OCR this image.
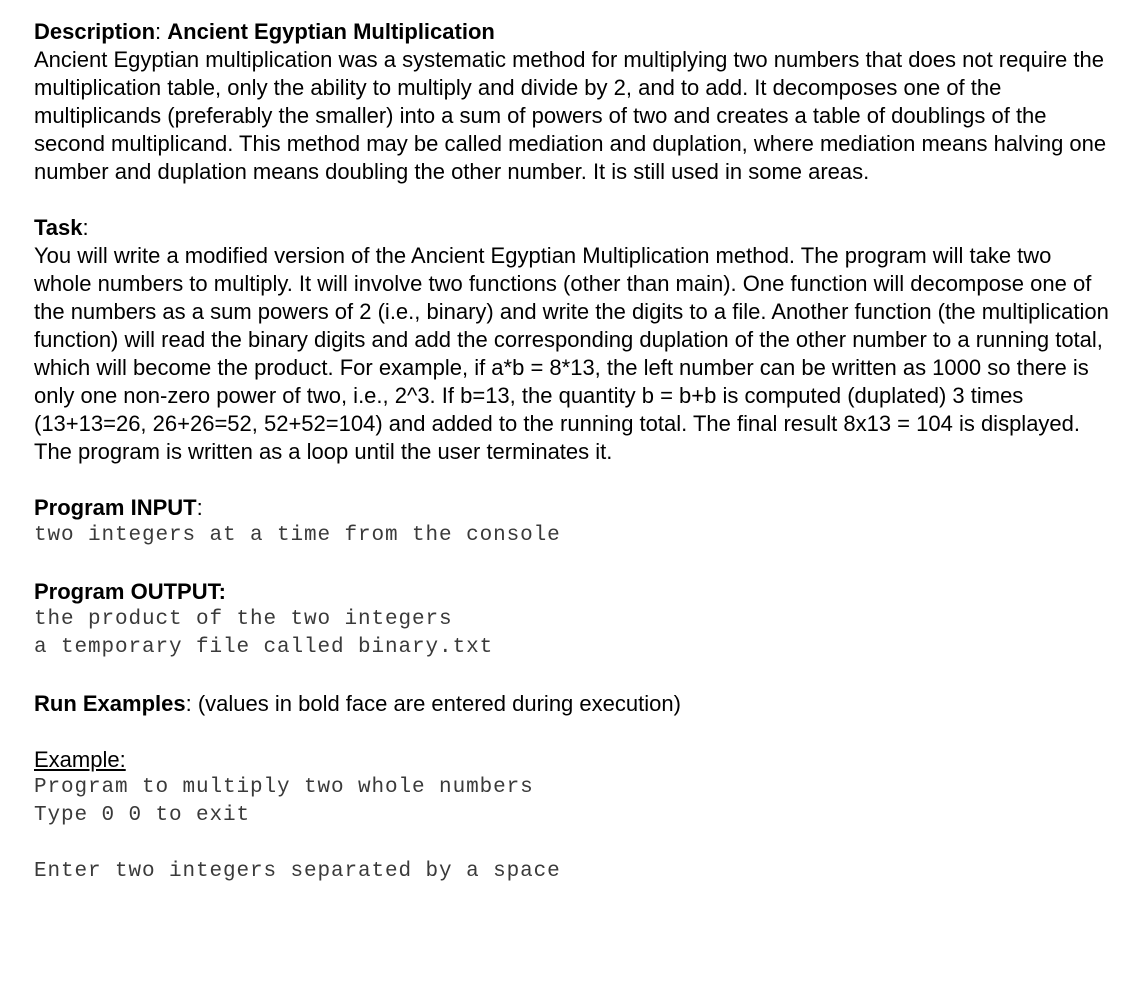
Description: Ancient Egyptian Multiplication

Ancient Egyptian multiplication was a systematic method for multiplying two numbers that does not require the multiplication table, only the ability to multiply and divide by 2, and to add. It decomposes one of the multiplicands (preferably the smaller) into a sum of powers of two and creates a table of doublings of the second multiplicand. This method may be called mediation and duplation, where mediation means halving one number and duplation means doubling the other number. It is still used in some areas.

Task:

You will write a modified version of the Ancient Egyptian Multiplication method. The program will take two whole numbers to multiply. It will involve two functions (other than main). One function will decompose one of the numbers as a sum powers of 2 (i.e., binary) and write the digits to a file. Another function (the multiplication function) will read the binary digits and add the corresponding duplation of the other number to a running total, which will become the product. For example, if a*b = 8*13, the left number can be written as 1000 so there is only one non-zero power of two, i.e., 2^3. If b=13, the quantity b = b+b is computed (duplated) 3 times (13+13=26, 26+26=52, 52+52=104) and added to the running total. The final result 8x13 = 104 is displayed. The program is written as a loop until the user terminates it.

Program INPUT:

two integers at a time from the console

Program OUTPUT:

the product of the two integers
a temporary file called binary.txt

Run Examples: (values in bold face are entered during execution)

Example:

Program to multiply two whole numbers
Type 0 0 to exit
Enter two integers separated by a space
